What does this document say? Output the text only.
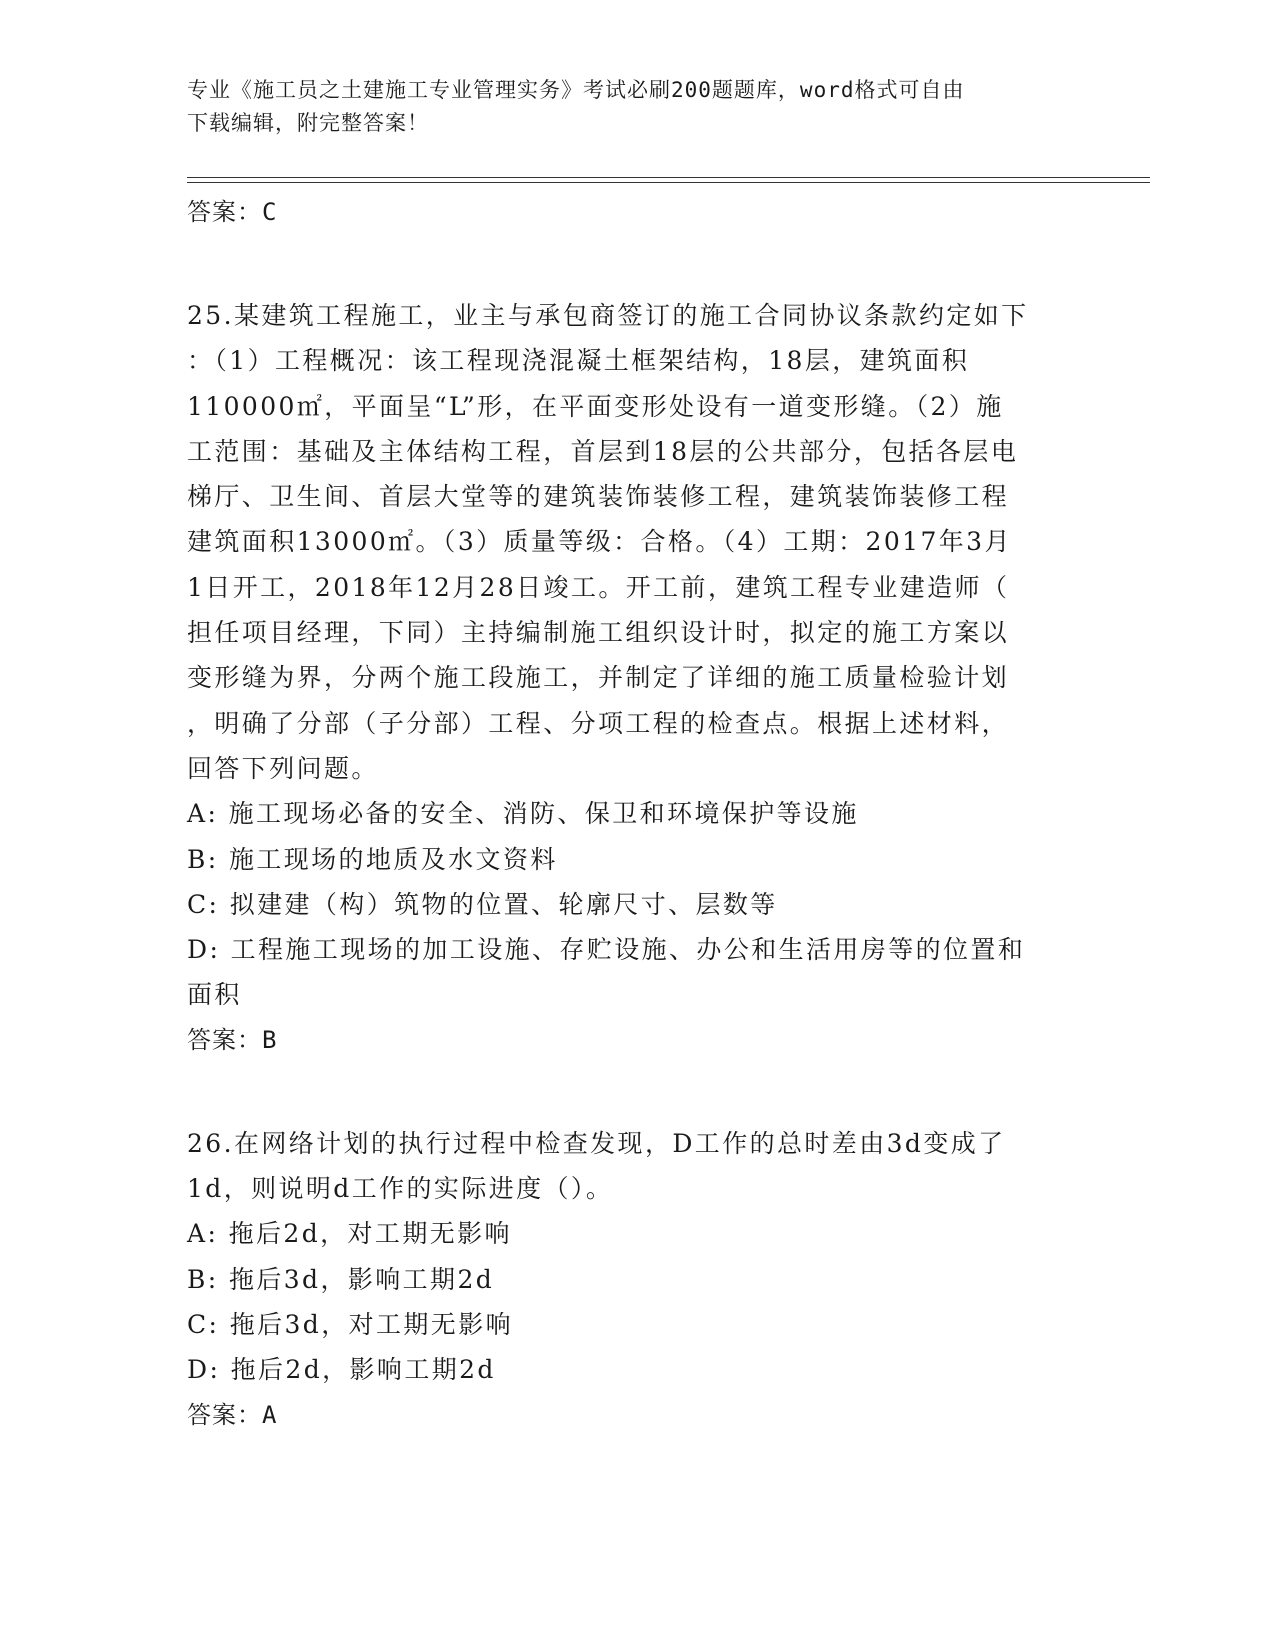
专业《施工员之土建施工专业管理实务》考试必刷200题题库，word格式可自由
下载编辑，附完整答案！
答案：C
25.某建筑工程施工，业主与承包商签订的施工合同协议条款约定如下
：（1）工程概况：该工程现浇混凝土框架结构，18层，建筑面积
110000㎡，平面呈“L”形，在平面变形处设有一道变形缝。（2）施
工范围：基础及主体结构工程，首层到18层的公共部分，包括各层电
梯厅、卫生间、首层大堂等的建筑装饰装修工程，建筑装饰装修工程
建筑面积13000㎡。（3）质量等级：合格。（4）工期：2017年3月
1日开工，2018年12月28日竣工。开工前，建筑工程专业建造师（
担任项目经理，下同）主持编制施工组织设计时，拟定的施工方案以
变形缝为界，分两个施工段施工，并制定了详细的施工质量检验计划
，明确了分部（子分部）工程、分项工程的检查点。根据上述材料，
回答下列问题。
A: 施工现场必备的安全、消防、保卫和环境保护等设施
B: 施工现场的地质及水文资料
C: 拟建建（构）筑物的位置、轮廓尺寸、层数等
D: 工程施工现场的加工设施、存贮设施、办公和生活用房等的位置和
面积
答案：B
26.在网络计划的执行过程中检查发现，D工作的总时差由3d变成了
1d，则说明d工作的实际进度（）。
A: 拖后2d，对工期无影响
B: 拖后3d，影响工期2d
C: 拖后3d，对工期无影响
D: 拖后2d，影响工期2d
答案：A
